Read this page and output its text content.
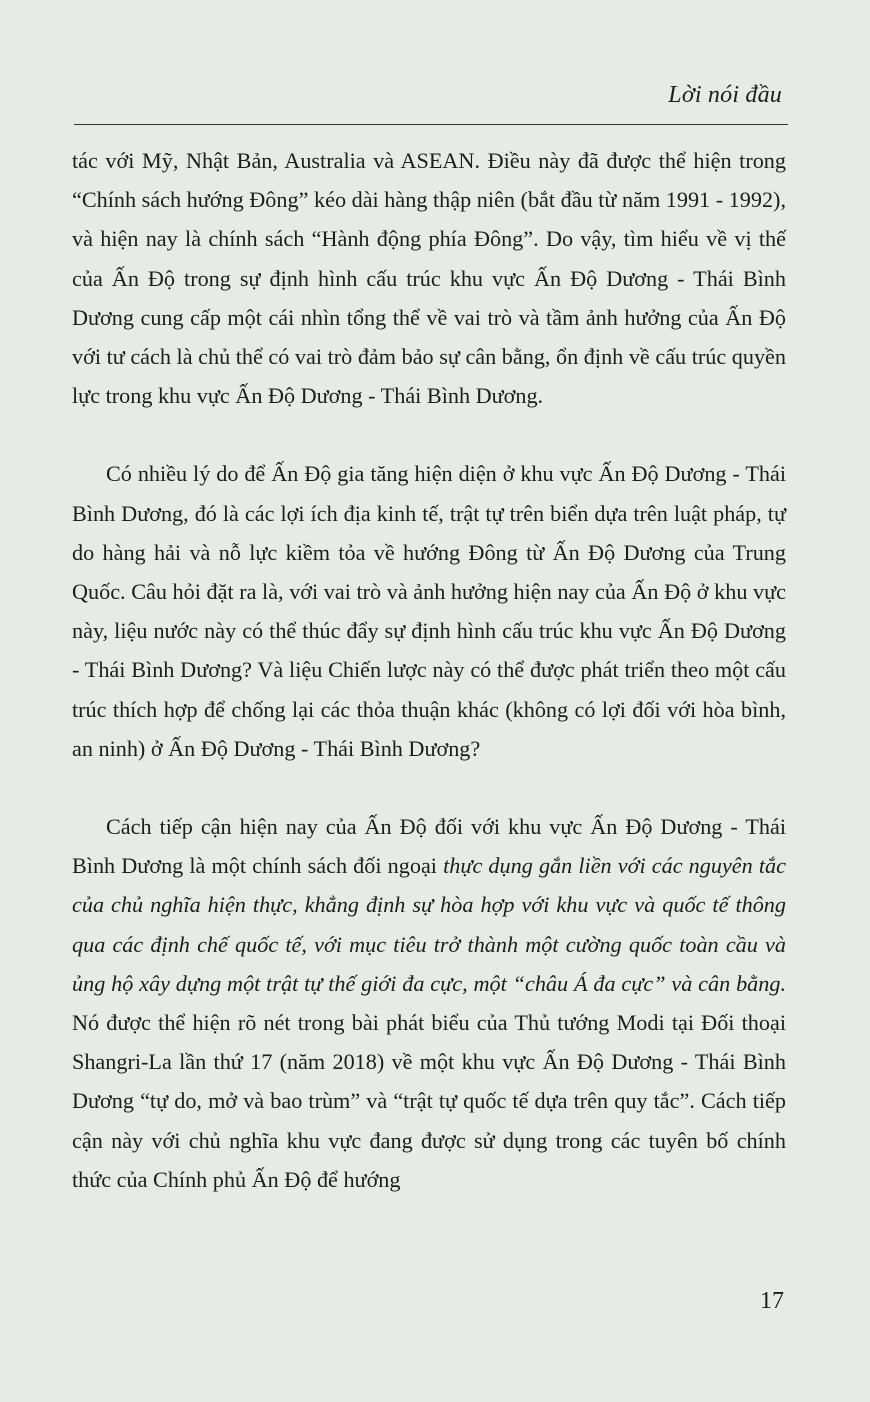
Lời nói đầu

tác với Mỹ, Nhật Bản, Australia và ASEAN. Điều này đã được thể hiện trong “Chính sách hướng Đông” kéo dài hàng thập niên (bắt đầu từ năm 1991 - 1992), và hiện nay là chính sách “Hành động phía Đông”. Do vậy, tìm hiểu về vị thế của Ấn Độ trong sự định hình cấu trúc khu vực Ấn Độ Dương - Thái Bình Dương cung cấp một cái nhìn tổng thể về vai trò và tầm ảnh hưởng của Ấn Độ với tư cách là chủ thể có vai trò đảm bảo sự cân bằng, ổn định về cấu trúc quyền lực trong khu vực Ấn Độ Dương - Thái Bình Dương.

Có nhiều lý do để Ấn Độ gia tăng hiện diện ở khu vực Ấn Độ Dương - Thái Bình Dương, đó là các lợi ích địa kinh tế, trật tự trên biển dựa trên luật pháp, tự do hàng hải và nỗ lực kiềm tỏa về hướng Đông từ Ấn Độ Dương của Trung Quốc. Câu hỏi đặt ra là, với vai trò và ảnh hưởng hiện nay của Ấn Độ ở khu vực này, liệu nước này có thể thúc đẩy sự định hình cấu trúc khu vực Ấn Độ Dương - Thái Bình Dương? Và liệu Chiến lược này có thể được phát triển theo một cấu trúc thích hợp để chống lại các thỏa thuận khác (không có lợi đối với hòa bình, an ninh) ở Ấn Độ Dương - Thái Bình Dương?

Cách tiếp cận hiện nay của Ấn Độ đối với khu vực Ấn Độ Dương - Thái Bình Dương là một chính sách đối ngoại thực dụng gắn liền với các nguyên tắc của chủ nghĩa hiện thực, khẳng định sự hòa hợp với khu vực và quốc tế thông qua các định chế quốc tế, với mục tiêu trở thành một cường quốc toàn cầu và ủng hộ xây dựng một trật tự thế giới đa cực, một “châu Á đa cực” và cân bằng. Nó được thể hiện rõ nét trong bài phát biểu của Thủ tướng Modi tại Đối thoại Shangri-La lần thứ 17 (năm 2018) về một khu vực Ấn Độ Dương - Thái Bình Dương “tự do, mở và bao trùm” và “trật tự quốc tế dựa trên quy tắc”. Cách tiếp cận này với chủ nghĩa khu vực đang được sử dụng trong các tuyên bố chính thức của Chính phủ Ấn Độ để hướng

17
